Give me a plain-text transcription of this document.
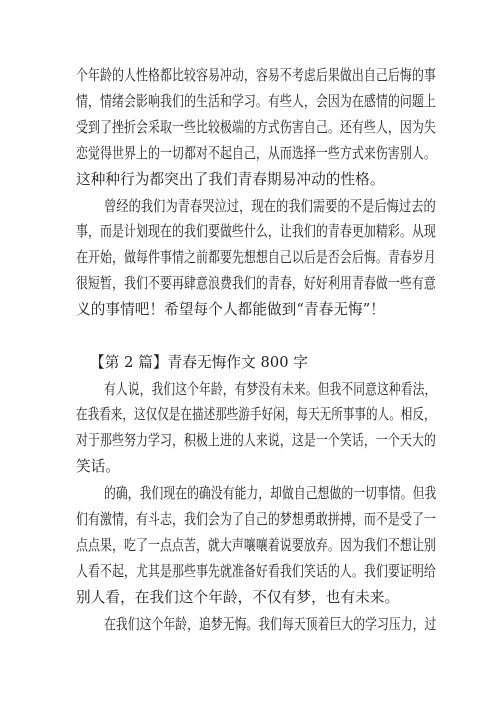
个年龄的人性格都比较容易冲动，容易不考虑后果做出自己后悔的事
情，情绪会影响我们的生活和学习。有些人，会因为在感情的问题上
受到了挫折会采取一些比较极端的方式伤害自己。还有些人，因为失
恋觉得世界上的一切都对不起自己，从而选择一些方式来伤害别人。
这种种行为都突出了我们青春期易冲动的性格。
曾经的我们为青春哭泣过，现在的我们需要的不是后悔过去的
事，而是计划现在的我们要做些什么，让我们的青春更加精彩。从现
在开始，做每件事情之前都要先想想自己以后是否会后悔。青春岁月
很短暂，我们不要再肆意浪费我们的青春，好好利用青春做一些有意
义的事情吧！希望每个人都能做到“青春无悔”！
【第 2 篇】青春无悔作文 800 字
有人说，我们这个年龄，有梦没有未来。但我不同意这种看法，
在我看来，这仅仅是在描述那些游手好闲，每天无所事事的人。相反，
对于那些努力学习，积极上进的人来说，这是一个笑话，一个天大的
笑话。
的确，我们现在的确没有能力，却做自己想做的一切事情。但我
们有激情，有斗志，我们会为了自己的梦想勇敢拼搏，而不是受了一
点点果，吃了一点点苦，就大声嚷嚷着说要放弃。因为我们不想让别
人看不起，尤其是那些事先就准备好看我们笑话的人。我们要证明给
别人看，在我们这个年龄，不仅有梦，也有未来。
在我们这个年龄，追梦无悔。我们每天顶着巨大的学习压力，过
